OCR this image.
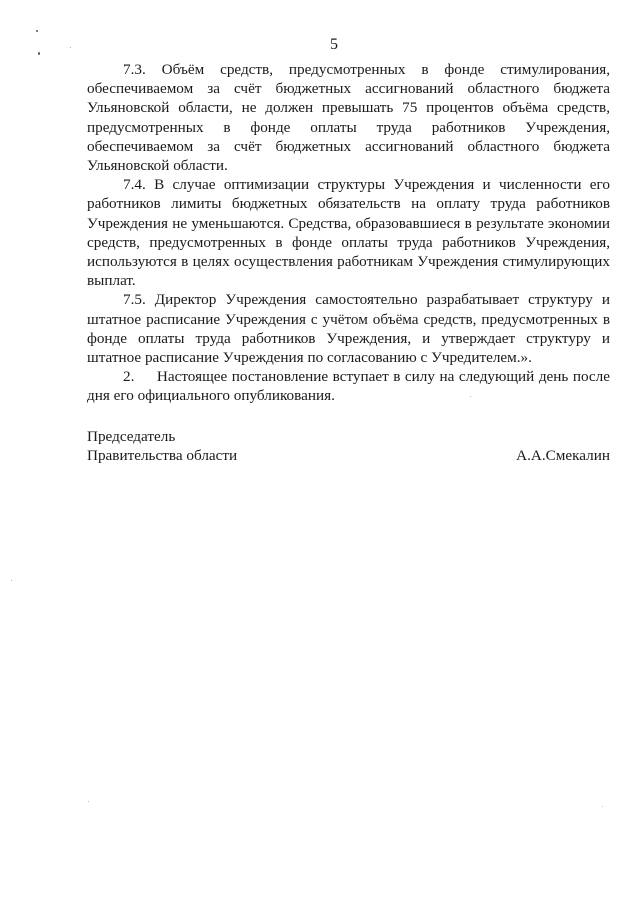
5

7.3. Объём средств, предусмотренных в фонде стимулирования, обеспечиваемом за счёт бюджетных ассигнований областного бюджета Ульяновской области, не должен превышать 75 процентов объёма средств, предусмотренных в фонде оплаты труда работников Учреждения, обеспечиваемом за счёт бюджетных ассигнований областного бюджета Ульяновской области.

7.4. В случае оптимизации структуры Учреждения и численности его работников лимиты бюджетных обязательств на оплату труда работников Учреждения не уменьшаются. Средства, образовавшиеся в результате экономии средств, предусмотренных в фонде оплаты труда работников Учреждения, используются в целях осуществления работникам Учреждения стимулирующих выплат.

7.5. Директор Учреждения самостоятельно разрабатывает структуру и штатное расписание Учреждения с учётом объёма средств, предусмотренных в фонде оплаты труда работников Учреждения, и утверждает структуру и штатное расписание Учреждения по согласованию с Учредителем.».

2.     Настоящее постановление вступает в силу на следующий день после дня его официального опубликования.

Председатель
Правительства области	А.А.Смекалин
